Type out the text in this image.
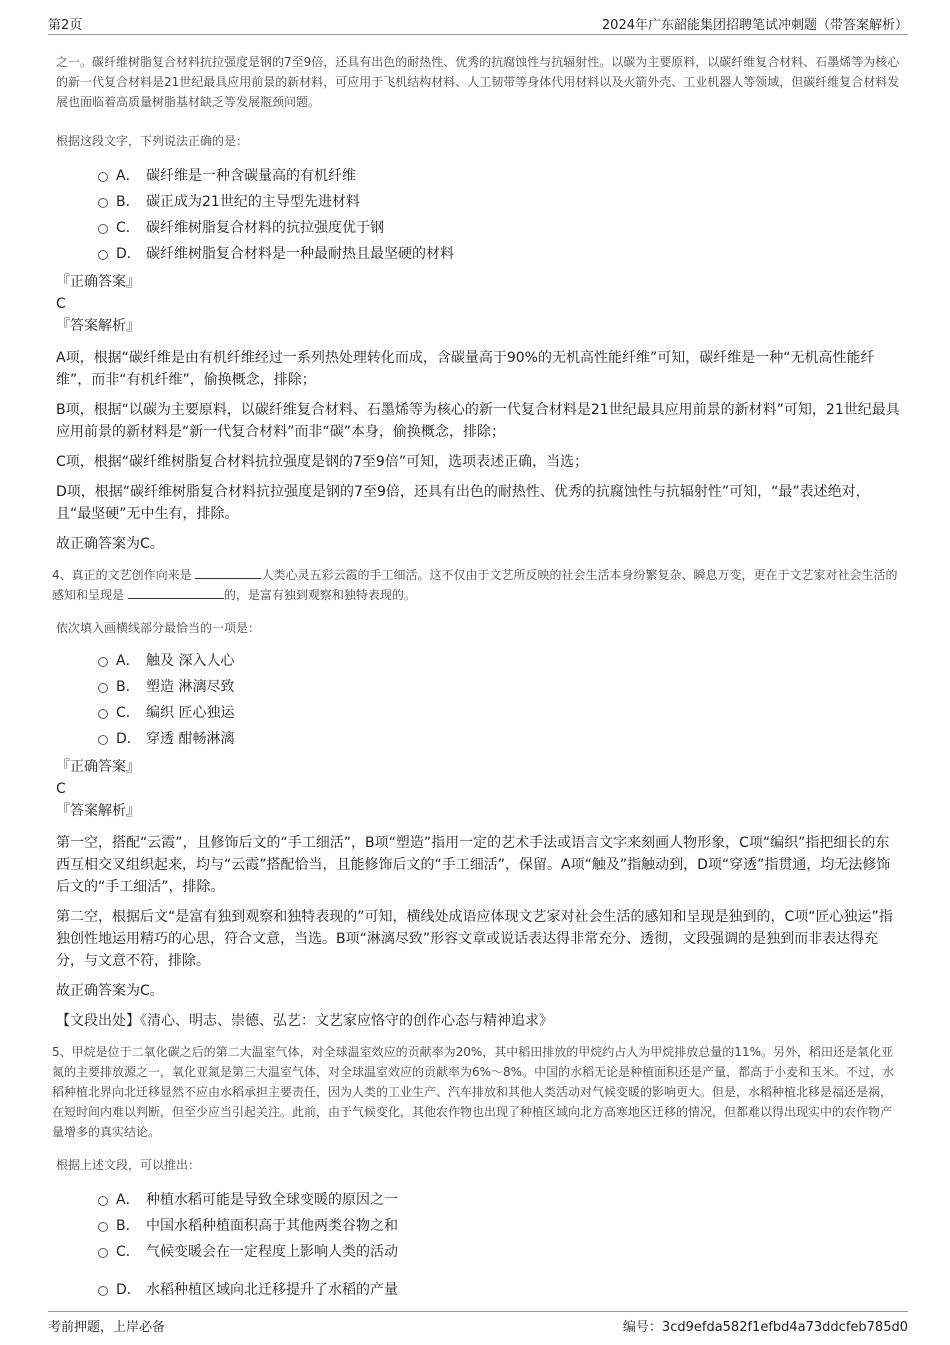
第2页	2024年广东韶能集团招聘笔试冲刺题（带答案解析）

之一。碳纤维树脂复合材料抗拉强度是钢的7至9倍，还具有出色的耐热性、优秀的抗腐蚀性与抗辐射性。以碳为主要原料，以碳纤维复合材料、石墨烯等为核心的新一代复合材料是21世纪最具应用前景的新材料，可应用于飞机结构材料、人工韧带等身体代用材料以及火箭外壳、工业机器人等领域，但碳纤维复合材料发展也面临着高质量树脂基材缺乏等发展瓶颈问题。

根据这段文字，下列说法正确的是：

A． 碳纤维是一种含碳量高的有机纤维
B． 碳正成为21世纪的主导型先进材料
C． 碳纤维树脂复合材料的抗拉强度优于钢
D． 碳纤维树脂复合材料是一种最耐热且最坚硬的材料

『正确答案』

C

『答案解析』

A项，根据“碳纤维是由有机纤维经过一系列热处理转化而成，含碳量高于90%的无机高性能纤维”可知，碳纤维是一种“无机高性能纤维”，而非“有机纤维”，偷换概念，排除；

B项，根据“以碳为主要原料，以碳纤维复合材料、石墨烯等为核心的新一代复合材料是21世纪最具应用前景的新材料”可知，21世纪最具应用前景的新材料是“新一代复合材料”而非“碳”本身，偷换概念，排除；

C项，根据“碳纤维树脂复合材料抗拉强度是钢的7至9倍”可知，选项表述正确，当选；

D项，根据“碳纤维树脂复合材料抗拉强度是钢的7至9倍，还具有出色的耐热性、优秀的抗腐蚀性与抗辐射性”可知，“最”表述绝对，且“最坚硬”无中生有，排除。

故正确答案为C。

4、真正的文艺创作向来是	人类心灵五彩云霞的手工细活。这不仅由于文艺所反映的社会生活本身纷繁复杂、瞬息万变，更在于文艺家对社会生活的感知和呈现是	的，是富有独到观察和独特表现的。

依次填入画横线部分最恰当的一项是：

A． 触及 深入人心
B． 塑造 淋漓尽致
C． 编织 匠心独运
D． 穿透 酣畅淋漓

『正确答案』

C

『答案解析』

第一空，搭配“云霞”，且修饰后文的“手工细活”，B项“塑造”指用一定的艺术手法或语言文字来刻画人物形象，C项“编织”指把细长的东西互相交叉组织起来，均与“云霞”搭配恰当，且能修饰后文的“手工细活”，保留。A项“触及”指触动到，D项“穿透”指贯通，均无法修饰后文的“手工细活”，排除。

第二空，根据后文“是富有独到观察和独特表现的”可知，横线处成语应体现文艺家对社会生活的感知和呈现是独到的，C项“匠心独运”指独创性地运用精巧的心思，符合文意，当选。B项“淋漓尽致”形容文章或说话表达得非常充分、透彻，文段强调的是独到而非表达得充分，与文意不符，排除。

故正确答案为C。

【文段出处】《清心、明志、崇德、弘艺：文艺家应恪守的创作心态与精神追求》

5、甲烷是位于二氧化碳之后的第二大温室气体，对全球温室效应的贡献率为20%，其中稻田排放的甲烷约占人为甲烷排放总量的11%。另外，稻田还是氧化亚氮的主要排放源之一，氧化亚氮是第三大温室气体，对全球温室效应的贡献率为6%～8%。中国的水稻无论是种植面积还是产量，都高于小麦和玉米。不过，水稻种植北界向北迁移显然不应由水稻承担主要责任，因为人类的工业生产、汽车排放和其他人类活动对气候变暖的影响更大。但是，水稻种植北移是福还是祸，在短时间内难以判断，但至少应当引起关注。此前，由于气候变化，其他农作物也出现了种植区域向北方高寒地区迁移的情况，但都难以得出现实中的农作物产量增多的真实结论。

根据上述文段，可以推出：

A． 种植水稻可能是导致全球变暖的原因之一
B． 中国水稻种植面积高于其他两类谷物之和
C． 气候变暖会在一定程度上影响人类的活动
D． 水稻种植区域向北迁移提升了水稻的产量
考前押题，上岸必备	编号：3cd9efda582f1efbd4a73ddcfeb785d0
